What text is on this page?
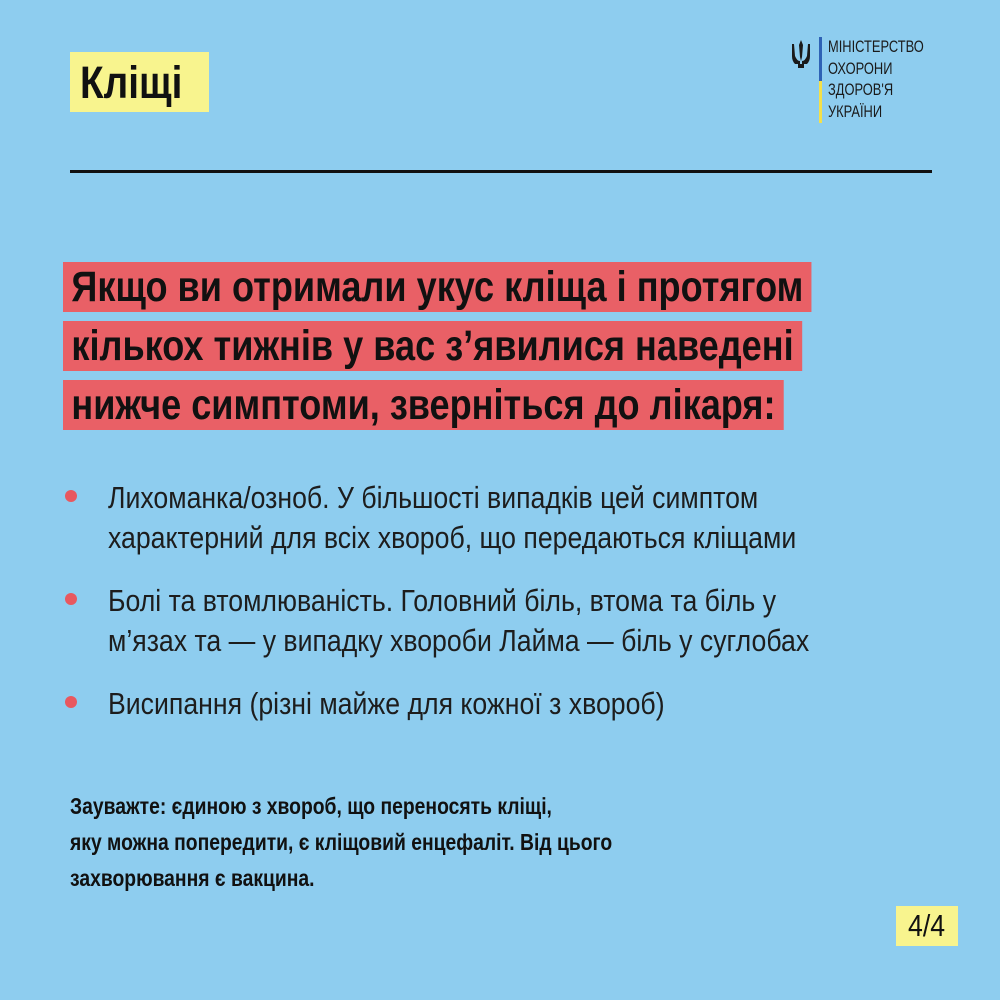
Кліщі
МІНІСТЕРСТВО
ОХОРОНИ
ЗДОРОВ'Я
УКРАЇНИ
Якщо ви отримали укус кліща і протягом
кількох тижнів у вас з’явилися наведені
нижче симптоми, зверніться до лікаря:
Лихоманка/озноб. У більшості випадків цей симптом
характерний для всіх хвороб, що передаються кліщами
Болі та втомлюваність. Головний біль, втома та біль у
м’язах та — у випадку хвороби Лайма — біль у суглобах
Висипання (різні майже для кожної з хвороб)
Зауважте: єдиною з хвороб, що переносять кліщі,
яку можна попередити, є кліщовий енцефаліт. Від цього
захворювання є вакцина.
4/4
